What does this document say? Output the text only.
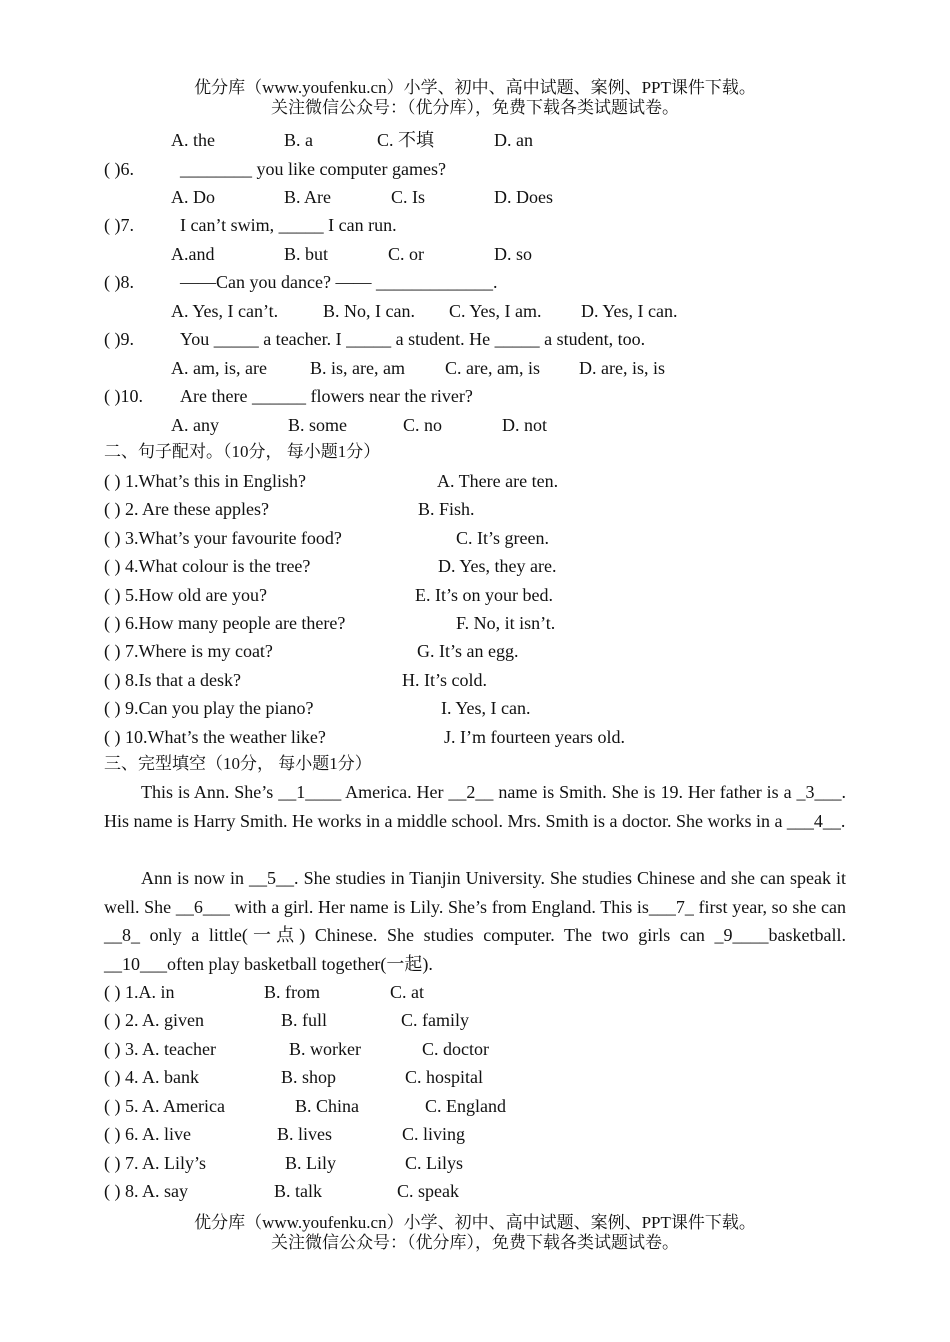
优分库（www.youfenku.cn）小学、初中、高中试题、案例、PPT课件下载。
关注微信公众号：（优分库），免费下载各类试题试卷。
A. the	B. a	C. 不填	D. an
( )6.	________ you like computer games?
A. Do	B. Are	C. Is	D. Does
( )7.	I can’t swim, _____ I can run.
A.and	B. but	C. or	D. so
( )8.	——Can you dance? —— _____________.
A. Yes, I can’t. B. No, I can. C. Yes, I am. D. Yes, I can.
( )9.	You _____ a teacher. I _____ a student. He _____ a student, too.
A. am, is, are B. is, are, am C. are, am, is D. are, is, is
( )10. Are there ______ flowers near the river?
A. any	B. some	C. no	D. not
二、句子配对。（10分， 每小题1分）
( ) 1.What’s this in English?	A. There are ten.
( ) 2. Are these apples?	B. Fish.
( ) 3.What’s your favourite food?	C. It’s green.
( ) 4.What colour is the tree?	D. Yes, they are.
( ) 5.How old are you?	E. It’s on your bed.
( ) 6.How many people are there?	F. No, it isn’t.
( ) 7.Where is my coat?	G. It’s an egg.
( ) 8.Is that a desk?	H. It’s cold.
( ) 9.Can you play the piano?	I. Yes, I can.
( ) 10.What’s the weather like?	J. I’m fourteen years old.
三、完型填空（10分， 每小题1分）

This is Ann. She’s __1____ America. Her __2__ name is Smith. She is 19. Her father is a _3___. His name is Harry Smith. He works in a middle school. Mrs. Smith is a doctor. She works in a ___4__.

Ann is now in __5__. She studies in Tianjin University. She studies Chinese and she can speak it well. She __6___ with a girl. Her name is Lily. She’s from England. This is___7_ first year, so she can __8_ only a little(一点) Chinese. She studies computer. The two girls can _9____basketball. __10___often play basketball together(一起).

( ) 1.A. in	B. from	C. at
( ) 2. A. given	B. full	C. family
( ) 3. A. teacher	B. worker	C. doctor
( ) 4. A. bank	B. shop	C. hospital
( ) 5. A. America	B. China	C. England
( ) 6. A. live	B. lives	C. living
( ) 7. A. Lily’s	B. Lily	C. Lilys
( ) 8. A. say	B. talk	C. speak
优分库（www.youfenku.cn）小学、初中、高中试题、案例、PPT课件下载。
关注微信公众号：（优分库），免费下载各类试题试卷。
